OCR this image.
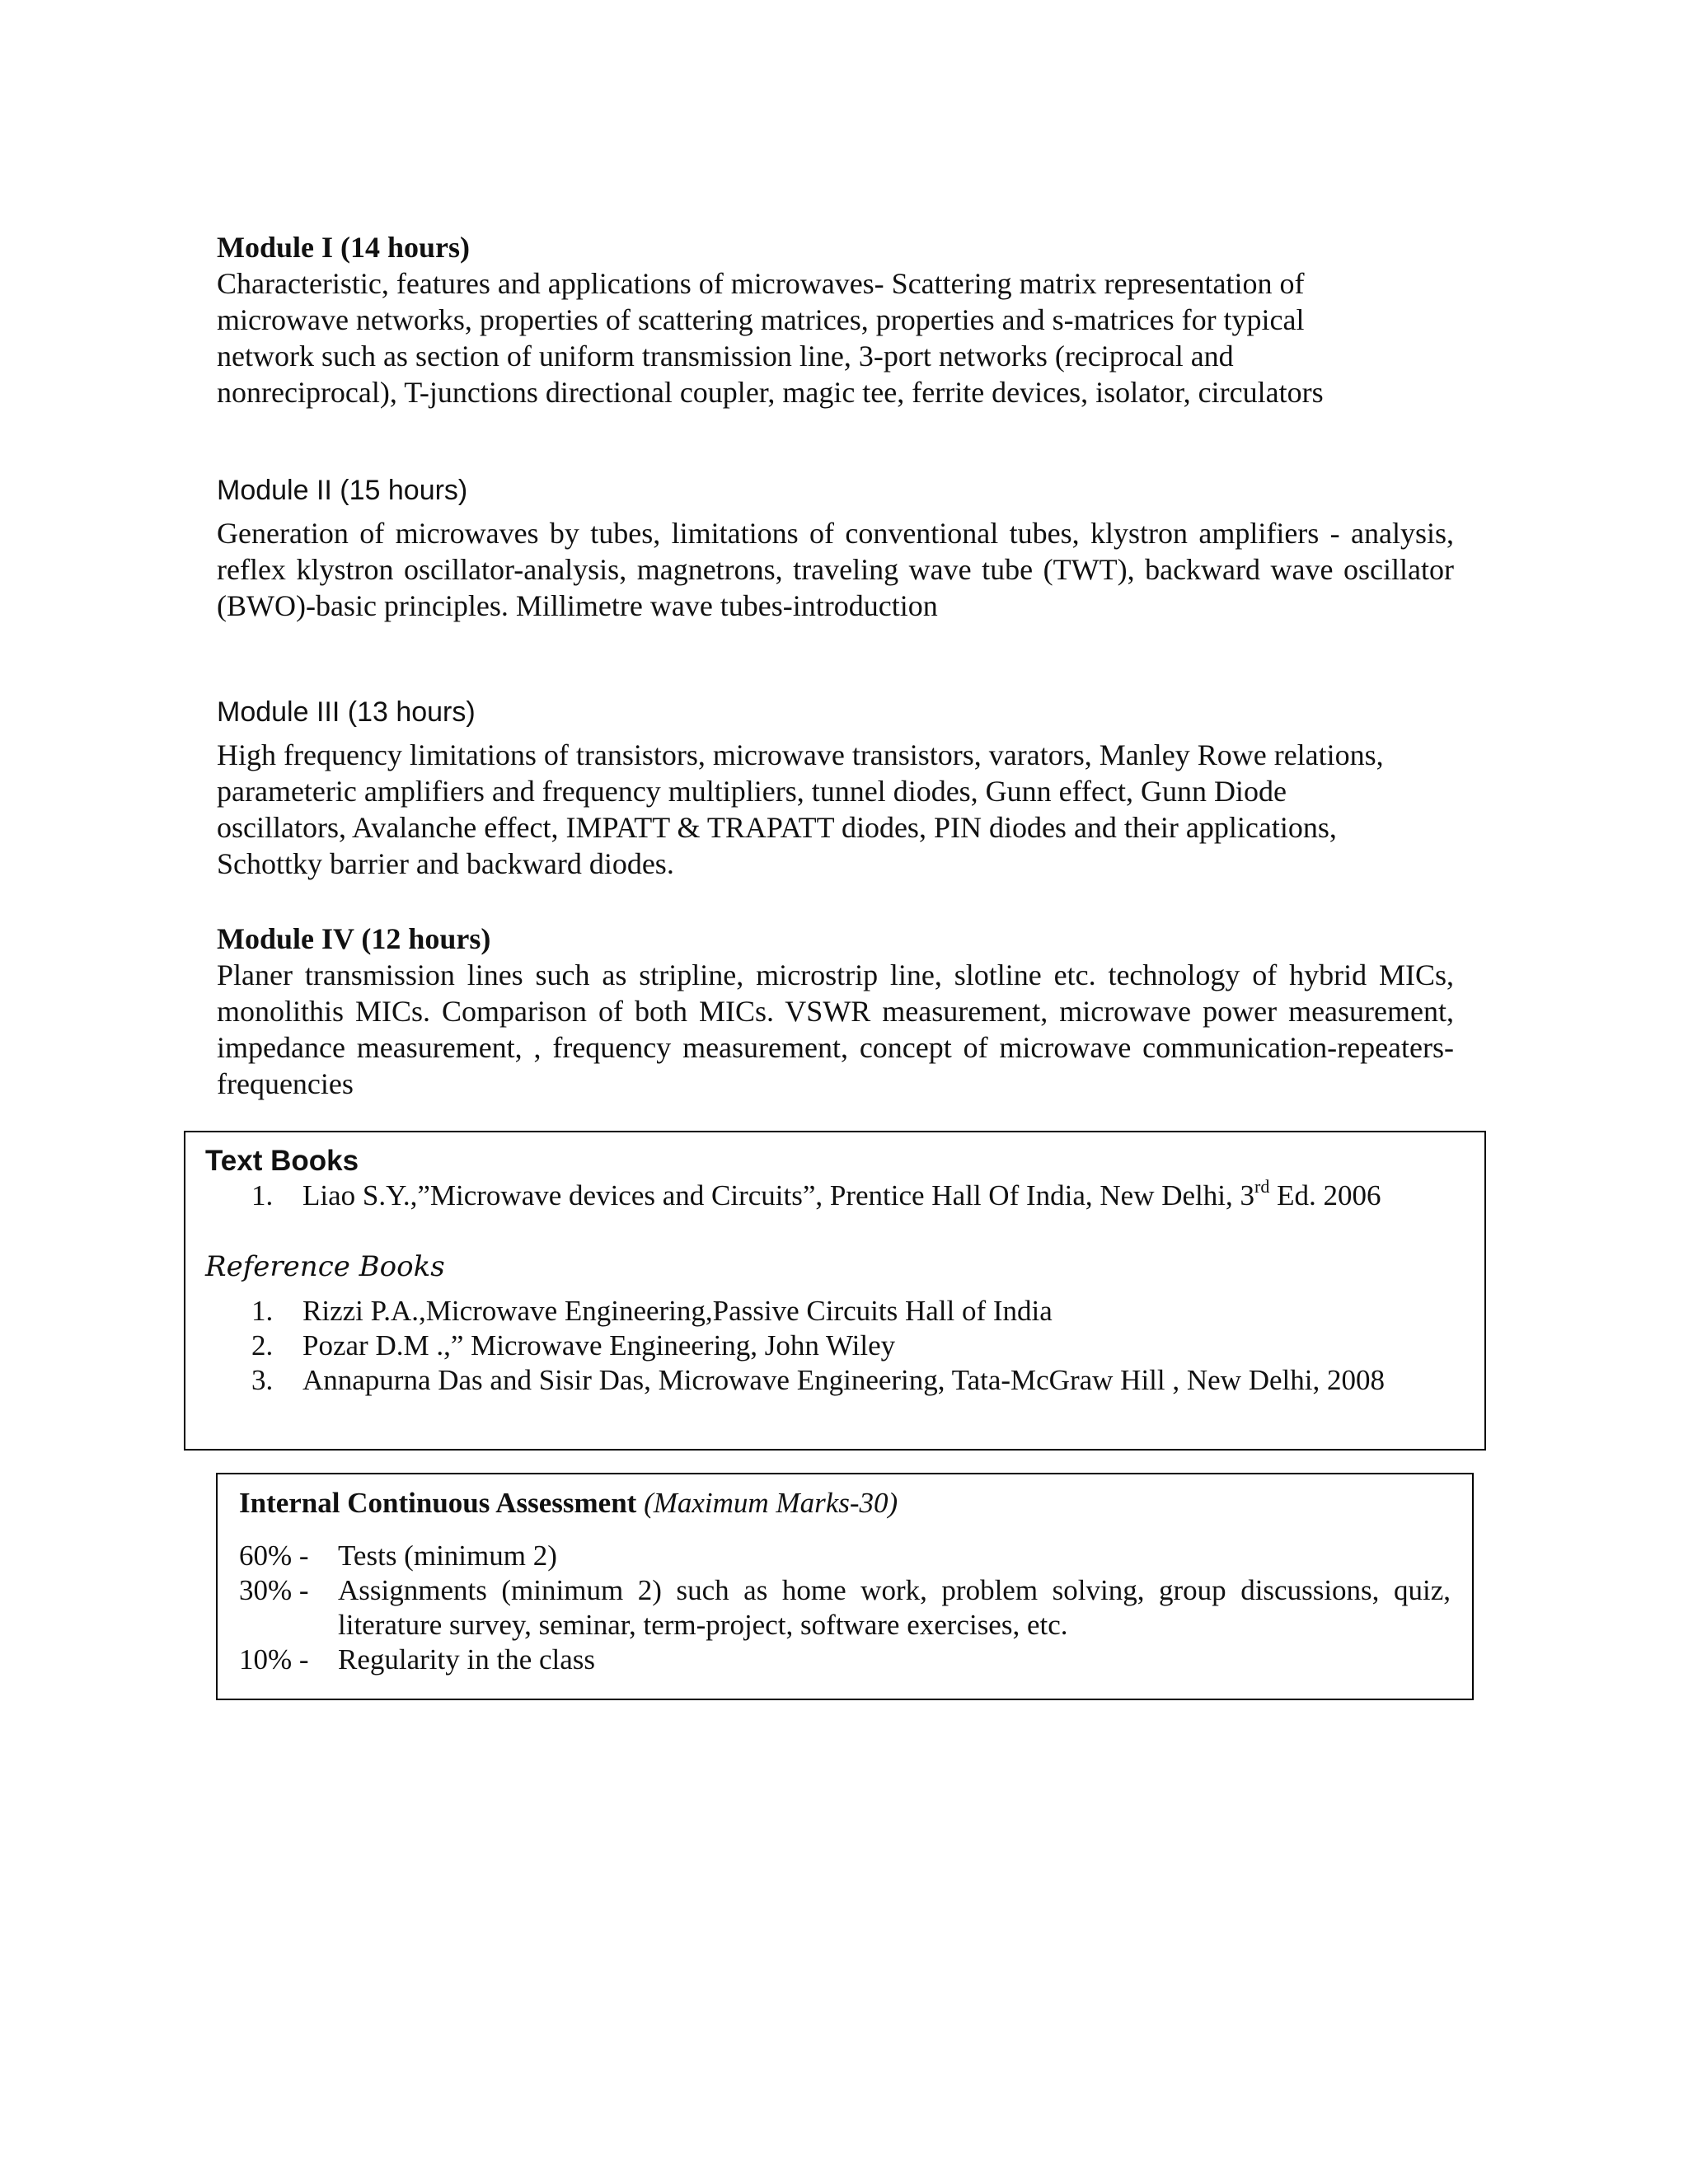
Module I (14 hours)
Characteristic, features and applications of microwaves- Scattering matrix representation of
microwave networks, properties of scattering matrices, properties and s-matrices for typical
network such as section of uniform transmission line, 3-port networks (reciprocal and
nonreciprocal), T-junctions directional coupler, magic tee, ferrite devices, isolator, circulators
Module II (15 hours)
Generation of microwaves by tubes, limitations of conventional tubes, klystron amplifiers - analysis, reflex klystron oscillator-analysis, magnetrons, traveling wave tube (TWT), backward wave oscillator (BWO)-basic principles. Millimetre wave tubes-introduction
Module III (13 hours)
High frequency limitations of transistors, microwave transistors, varators, Manley Rowe relations,
parameteric amplifiers and frequency multipliers, tunnel diodes, Gunn effect, Gunn Diode
oscillators, Avalanche effect, IMPATT & TRAPATT diodes, PIN diodes and their applications,
Schottky barrier and backward diodes.
Module IV (12 hours)
Planer transmission lines such as stripline, microstrip line, slotline etc. technology of hybrid MICs, monolithis MICs. Comparison of both MICs. VSWR measurement, microwave power measurement, impedance measurement, , frequency measurement, concept of microwave communication-repeaters-frequencies
Text Books
1. Liao S.Y.,”Microwave devices and Circuits”, Prentice Hall Of India, New Delhi, 3rd Ed. 2006
Reference Books
1. Rizzi P.A.,Microwave Engineering,Passive Circuits Hall of India
2. Pozar D.M .,” Microwave Engineering, John Wiley
3. Annapurna Das and Sisir Das, Microwave Engineering, Tata-McGraw Hill , New Delhi, 2008
Internal Continuous Assessment (Maximum Marks-30)
60% - Tests (minimum 2)
30% - Assignments (minimum 2) such as home work, problem solving, group discussions, quiz, literature survey, seminar, term-project, software exercises, etc.
10% - Regularity in the class
